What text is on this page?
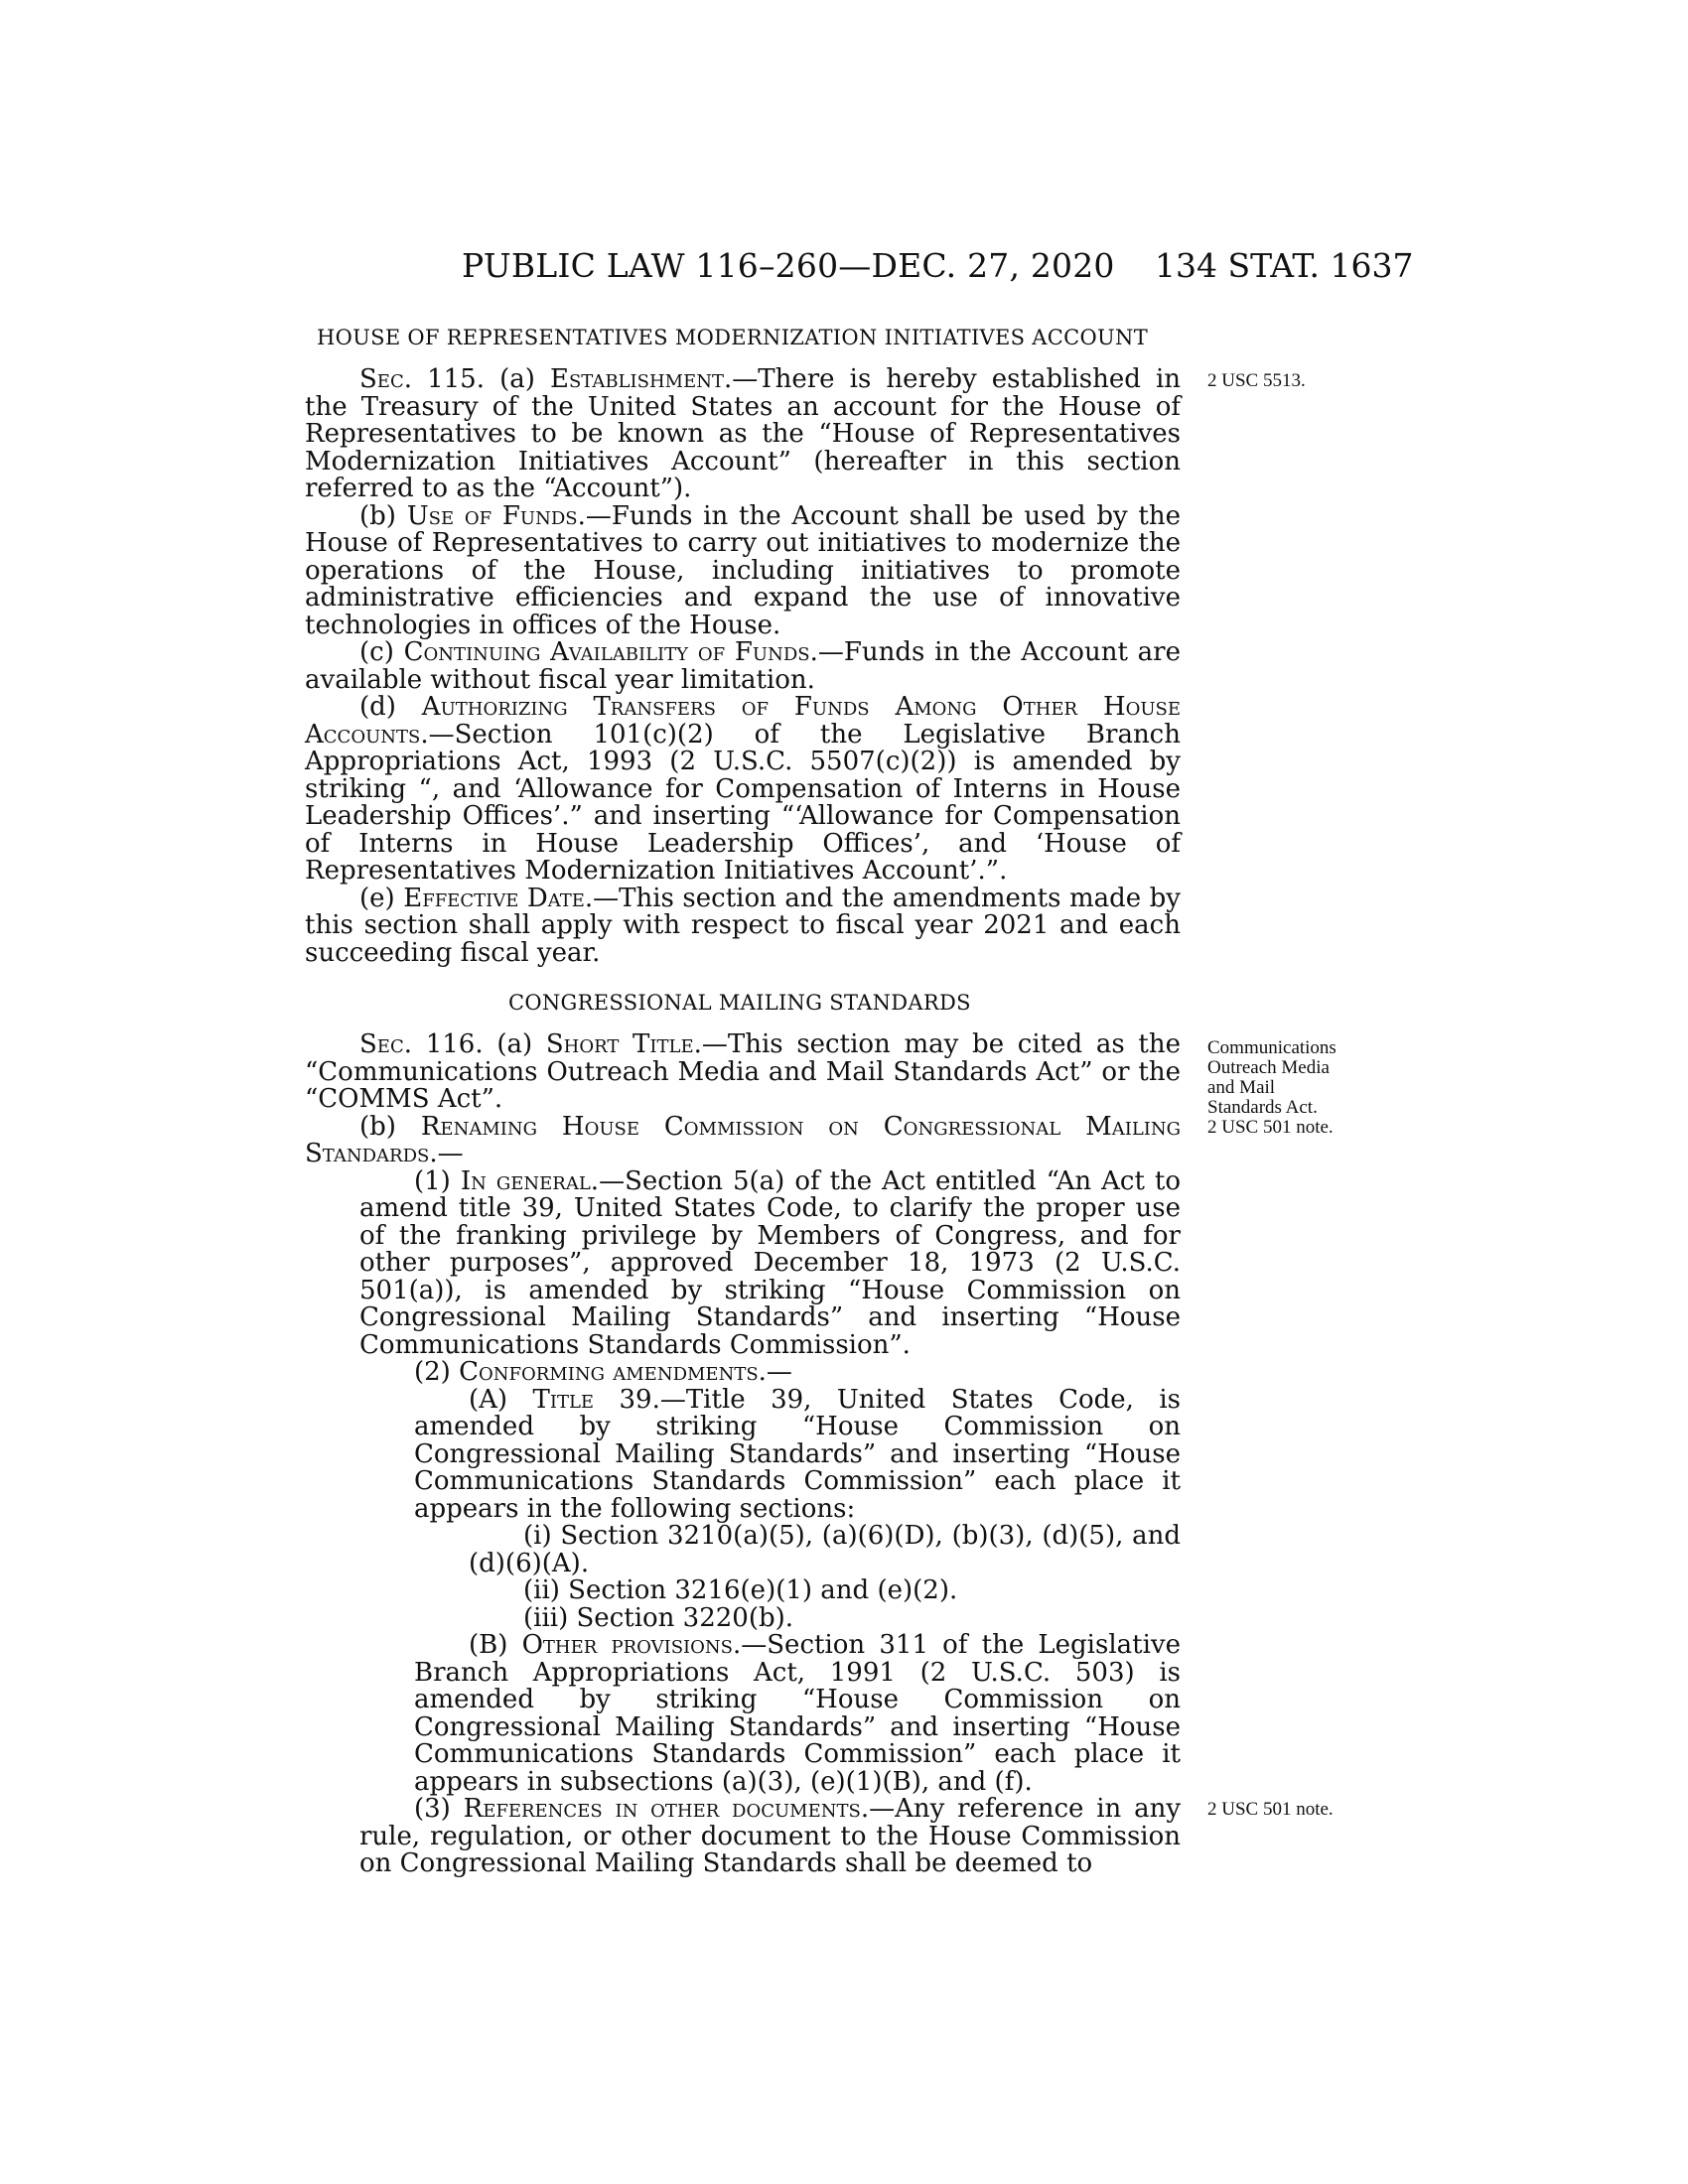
PUBLIC LAW 116–260—DEC. 27, 2020 134 STAT. 1637
HOUSE OF REPRESENTATIVES MODERNIZATION INITIATIVES ACCOUNT
2 USC 5513.

Sec. 115. (a) Establishment.—There is hereby established in the Treasury of the United States an account for the House of Representatives to be known as the “House of Representatives Modernization Initiatives Account” (hereafter in this section referred to as the “Account”).

(b) Use of Funds.—Funds in the Account shall be used by the House of Representatives to carry out initiatives to modernize the operations of the House, including initiatives to promote administrative efficiencies and expand the use of innovative technologies in offices of the House.

(c) Continuing Availability of Funds.—Funds in the Account are available without fiscal year limitation.

(d) Authorizing Transfers of Funds Among Other House Accounts.—Section 101(c)(2) of the Legislative Branch Appropriations Act, 1993 (2 U.S.C. 5507(c)(2)) is amended by striking “, and ‘Allowance for Compensation of Interns in House Leadership Offices’.” and inserting “‘Allowance for Compensation of Interns in House Leadership Offices’, and ‘House of Representatives Modernization Initiatives Account’.”.

(e) Effective Date.—This section and the amendments made by this section shall apply with respect to fiscal year 2021 and each succeeding fiscal year.

CONGRESSIONAL MAILING STANDARDS
Communications
Outreach Media
and Mail
Standards Act.
2 USC 501 note.
2 USC 501 note.

Sec. 116. (a) Short Title.—This section may be cited as the “Communications Outreach Media and Mail Standards Act” or the “COMMS Act”.

(b) Renaming House Commission on Congressional Mailing Standards.—

(1) In general.—Section 5(a) of the Act entitled “An Act to amend title 39, United States Code, to clarify the proper use of the franking privilege by Members of Congress, and for other purposes”, approved December 18, 1973 (2 U.S.C. 501(a)), is amended by striking “House Commission on Congressional Mailing Standards” and inserting “House Communications Standards Commission”.

(2) Conforming amendments.—

(A) Title 39.—Title 39, United States Code, is amended by striking “House Commission on Congressional Mailing Standards” and inserting “House Communications Standards Commission” each place it appears in the following sections:

(i) Section 3210(a)(5), (a)(6)(D), (b)(3), (d)(5), and (d)(6)(A).

(ii) Section 3216(e)(1) and (e)(2).

(iii) Section 3220(b).

(B) Other provisions.—Section 311 of the Legislative Branch Appropriations Act, 1991 (2 U.S.C. 503) is amended by striking “House Commission on Congressional Mailing Standards” and inserting “House Communications Standards Commission” each place it appears in subsections (a)(3), (e)(1)(B), and (f).

(3) References in other documents.—Any reference in any rule, regulation, or other document to the House Commission on Congressional Mailing Standards shall be deemed to
